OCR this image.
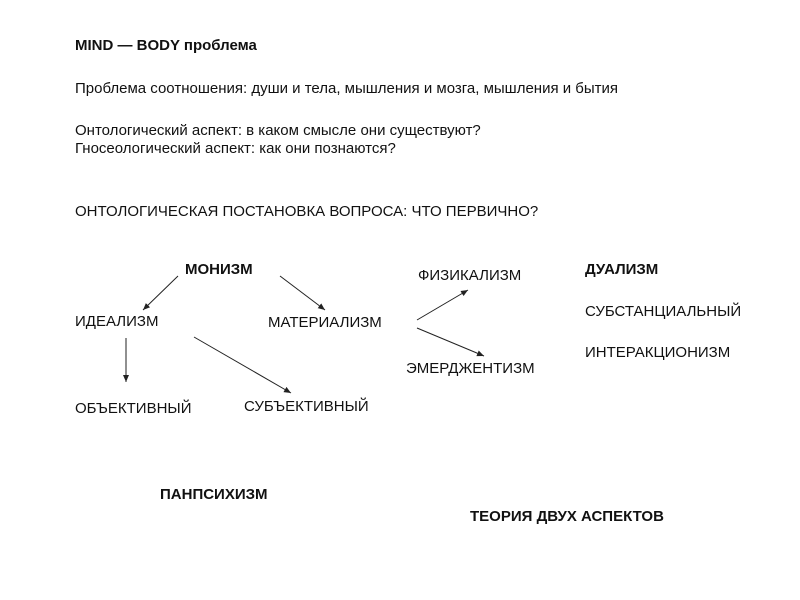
MIND — BODY проблема
Проблема соотношения: души и тела, мышления и мозга, мышления и бытия
Онтологический аспект: в каком смысле они существуют?
Гносеологический аспект: как они познаются?
ОНТОЛОГИЧЕСКАЯ ПОСТАНОВКА ВОПРОСА: ЧТО ПЕРВИЧНО?
МОНИЗМ
ИДЕАЛИЗМ	МАТЕРИАЛИЗМ
ФИЗИКАЛИЗМ
ЭМЕРДЖЕНТИЗМ
ОБЪЕКТИВНЫЙ	СУБЪЕКТИВНЫЙ
ДУАЛИЗМ
СУБСТАНЦИАЛЬНЫЙ
ИНТЕРАКЦИОНИЗМ
ПАНПСИХИЗМ
ТЕОРИЯ ДВУХ АСПЕКТОВ
